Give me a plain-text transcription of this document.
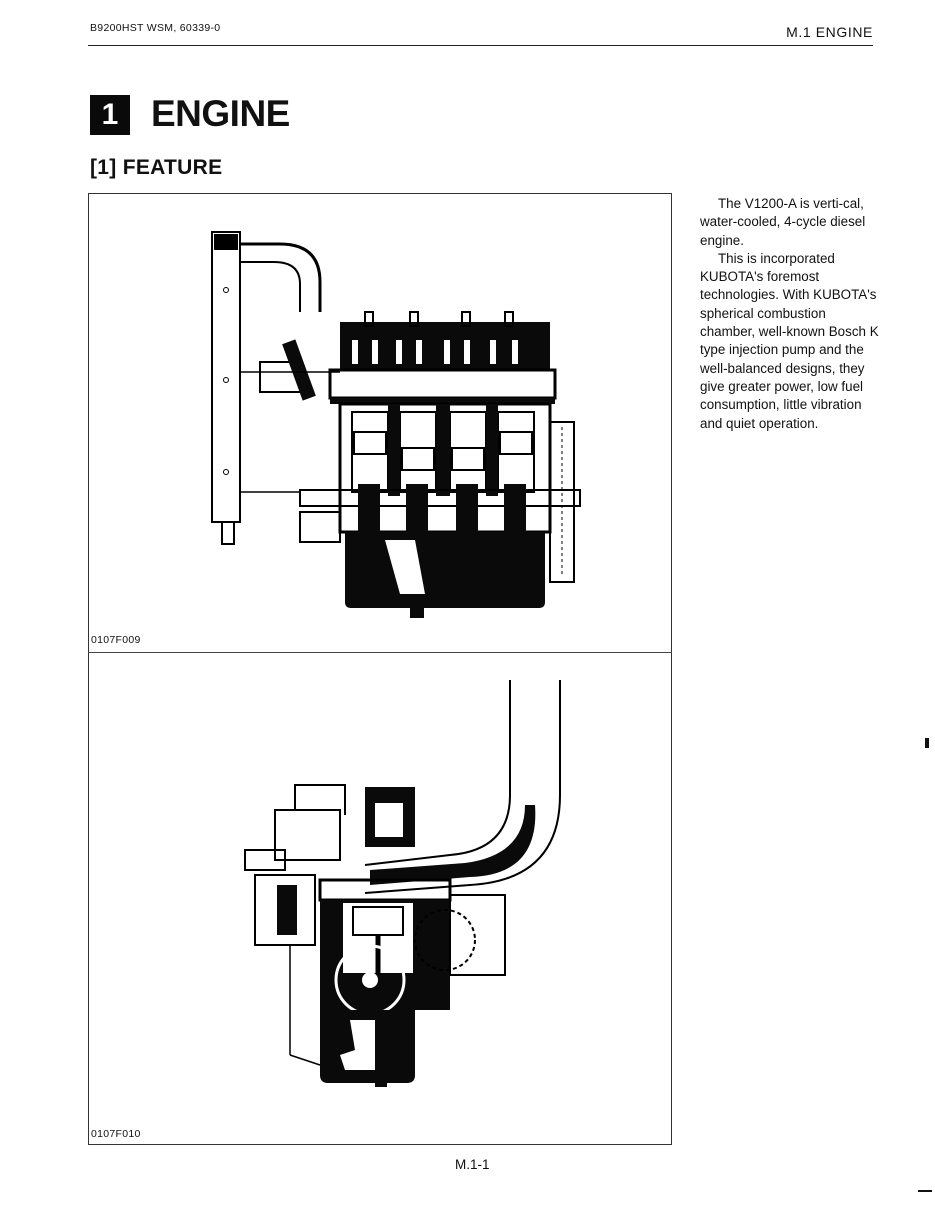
B9200HST WSM, 60339-0	M.1 ENGINE
1 ENGINE
[1] FEATURE
0107F009
0107F010
The V1200-A is verti-cal, water-cooled, 4-cycle diesel engine.
This is incorporated KUBOTA's foremost technologies. With KUBOTA's spherical combustion chamber, well-known Bosch K type injection pump and the well-balanced designs, they give greater power, low fuel consumption, little vibration and quiet operation.
M.1-1
